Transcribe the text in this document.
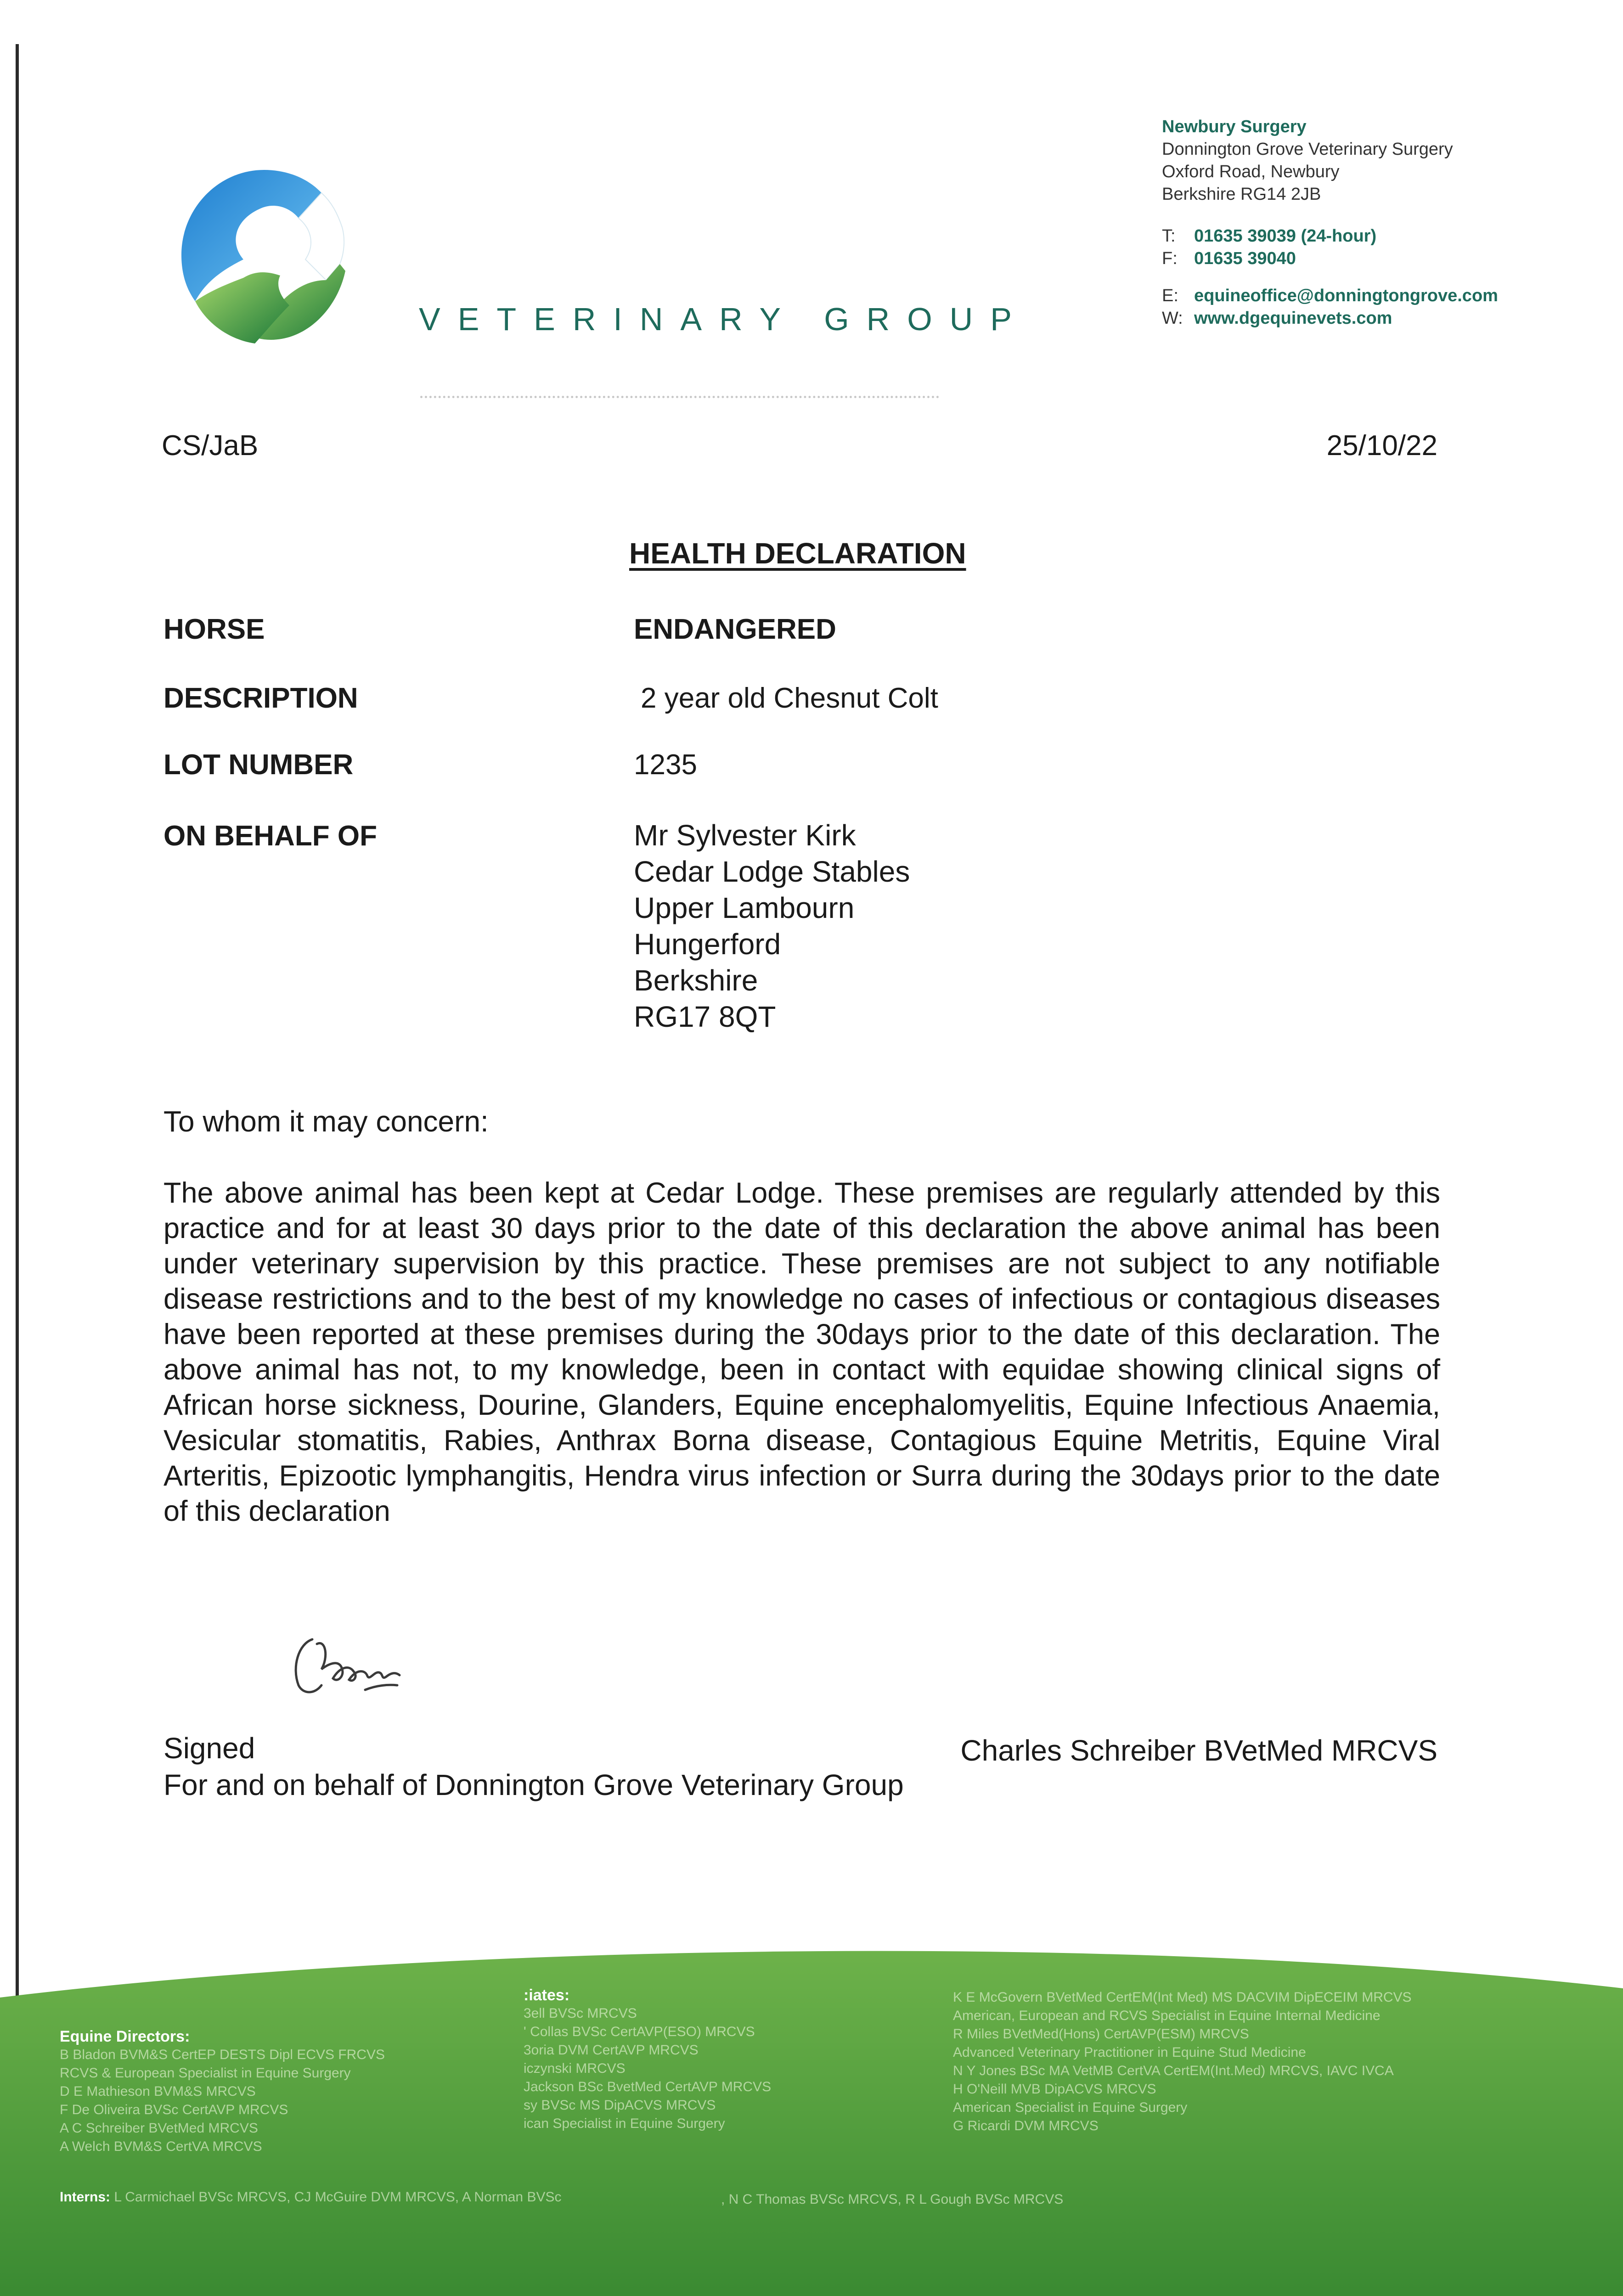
VETERINARY GROUP
Newbury Surgery
Donnington Grove Veterinary Surgery
Oxford Road, Newbury
Berkshire RG14 2JB
T: 01635 39039 (24-hour)
F: 01635 39040
E: equineoffice@donningtongrove.com
W: www.dgequinevets.com
CS/JaB	25/10/22
HEALTH DECLARATION
HORSE	ENDANGERED
DESCRIPTION	2 year old Chesnut Colt
LOT NUMBER	1235
ON BEHALF OF	Mr Sylvester Kirk
Cedar Lodge Stables
Upper Lambourn
Hungerford
Berkshire
RG17 8QT
To whom it may concern:
The above animal has been kept at Cedar Lodge. These premises are regularly attended by this practice and for at least 30 days prior to the date of this declaration the above animal has been under veterinary supervision by this practice. These premises are not subject to any notifiable disease restrictions and to the best of my knowledge no cases of infectious or contagious diseases have been reported at these premises during the 30days prior to the date of this declaration. The above animal has not, to my knowledge, been in contact with equidae showing clinical signs of African horse sickness, Dourine, Glanders, Equine encephalomyelitis, Equine Infectious Anaemia, Vesicular stomatitis, Rabies, Anthrax Borna disease, Contagious Equine Metritis, Equine Viral Arteritis, Epizootic lymphangitis, Hendra virus infection or Surra during the 30days prior to the date of this declaration
Signed	Charles Schreiber BVetMed MRCVS
For and on behalf of Donnington Grove Veterinary Group
Equine Directors:
B Bladon BVM&S CertEP DESTS Dipl ECVS FRCVS
RCVS & European Specialist in Equine Surgery
D E Mathieson BVM&S MRCVS
F De Oliveira BVSc CertAVP MRCVS
A C Schreiber BVetMed MRCVS
A Welch BVM&S CertVA MRCVS
:iates:
3ell BVSc MRCVS
' Collas BVSc CertAVP(ESO) MRCVS
3oria DVM CertAVP MRCVS
iczynski MRCVS
Jackson BSc BvetMed CertAVP MRCVS
sy BVSc MS DipACVS MRCVS
ican Specialist in Equine Surgery
K E McGovern BVetMed CertEM(Int Med) MS DACVIM DipECEIM MRCVS
American, European and RCVS Specialist in Equine Internal Medicine
R Miles BVetMed(Hons) CertAVP(ESM) MRCVS
Advanced Veterinary Practitioner in Equine Stud Medicine
N Y Jones BSc MA VetMB CertVA CertEM(Int.Med) MRCVS, IAVC IVCA
H O'Neill MVB DipACVS MRCVS
American Specialist in Equine Surgery
G Ricardi DVM MRCVS
Interns: L Carmichael BVSc MRCVS, CJ McGuire DVM MRCVS, A Norman BVSc	, N C Thomas BVSc MRCVS, R L Gough BVSc MRCVS
